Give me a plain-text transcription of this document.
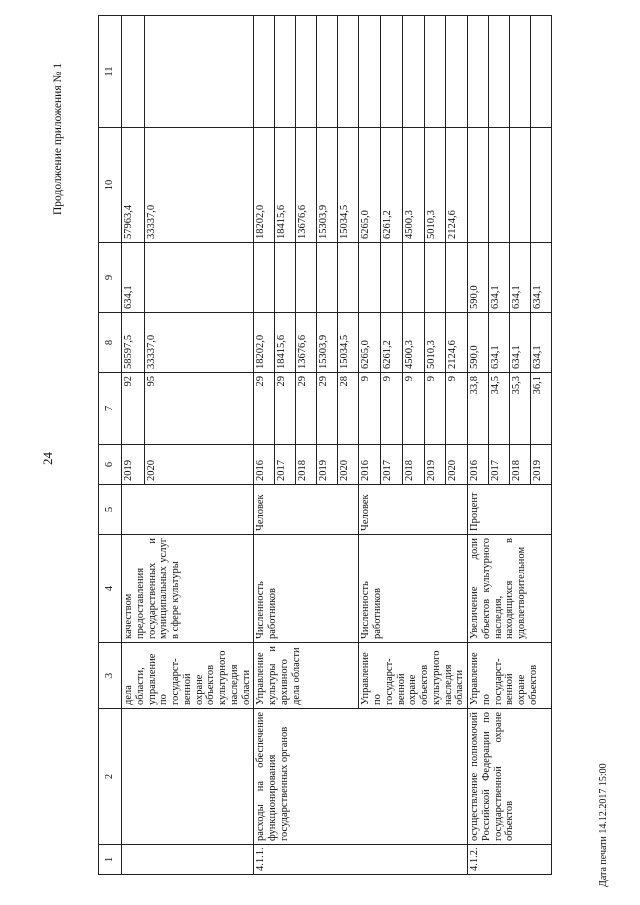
24
Продолжение приложения № 1
1	2	3	4	5	6	7	8	9	10	11	
		дела области, управление по государст-венной охране объектов культурного наследия области	качеством предоставления государственных и муниципальных услуг в сфере культуры		2019	92	58597,5	634,1	57963,4		
					2020	95	33337,0		33337,0		
4.1.1.	расходы на обеспечение функционирования государственных органов	Управление культуры и архивного дела области	Численность работников	Человек	2016	29	18202,0		18202,0		
					2017	29	18415,6		18415,6		
					2018	29	13676,6		13676,6		
					2019	29	15303,9		15303,9		
					2020	28	15034,5		15034,5		
		Управление по государст-венной охране объектов культурного наследия области	Численность работников	Человек	2016	9	6265,0		6265,0		
					2017	9	6261,2		6261,2		
					2018	9	4500,3		4500,3		
					2019	9	5010,3		5010,3		
					2020	9	2124,6		2124,6		
4.1.2.	осуществление полномочий Российской Федерации по государственной охране объектов	Управление по государст-венной охране объектов	Увеличение доли объектов культурного наследия, находящихся в удовлетворительном	Процент	2016	33,8	590,0	590,0			
					2017	34,5	634,1	634,1			
					2018	35,3	634,1	634,1			
					2019	36,1	634,1	634,1			
Дата печати 14.12.2017 15:00
